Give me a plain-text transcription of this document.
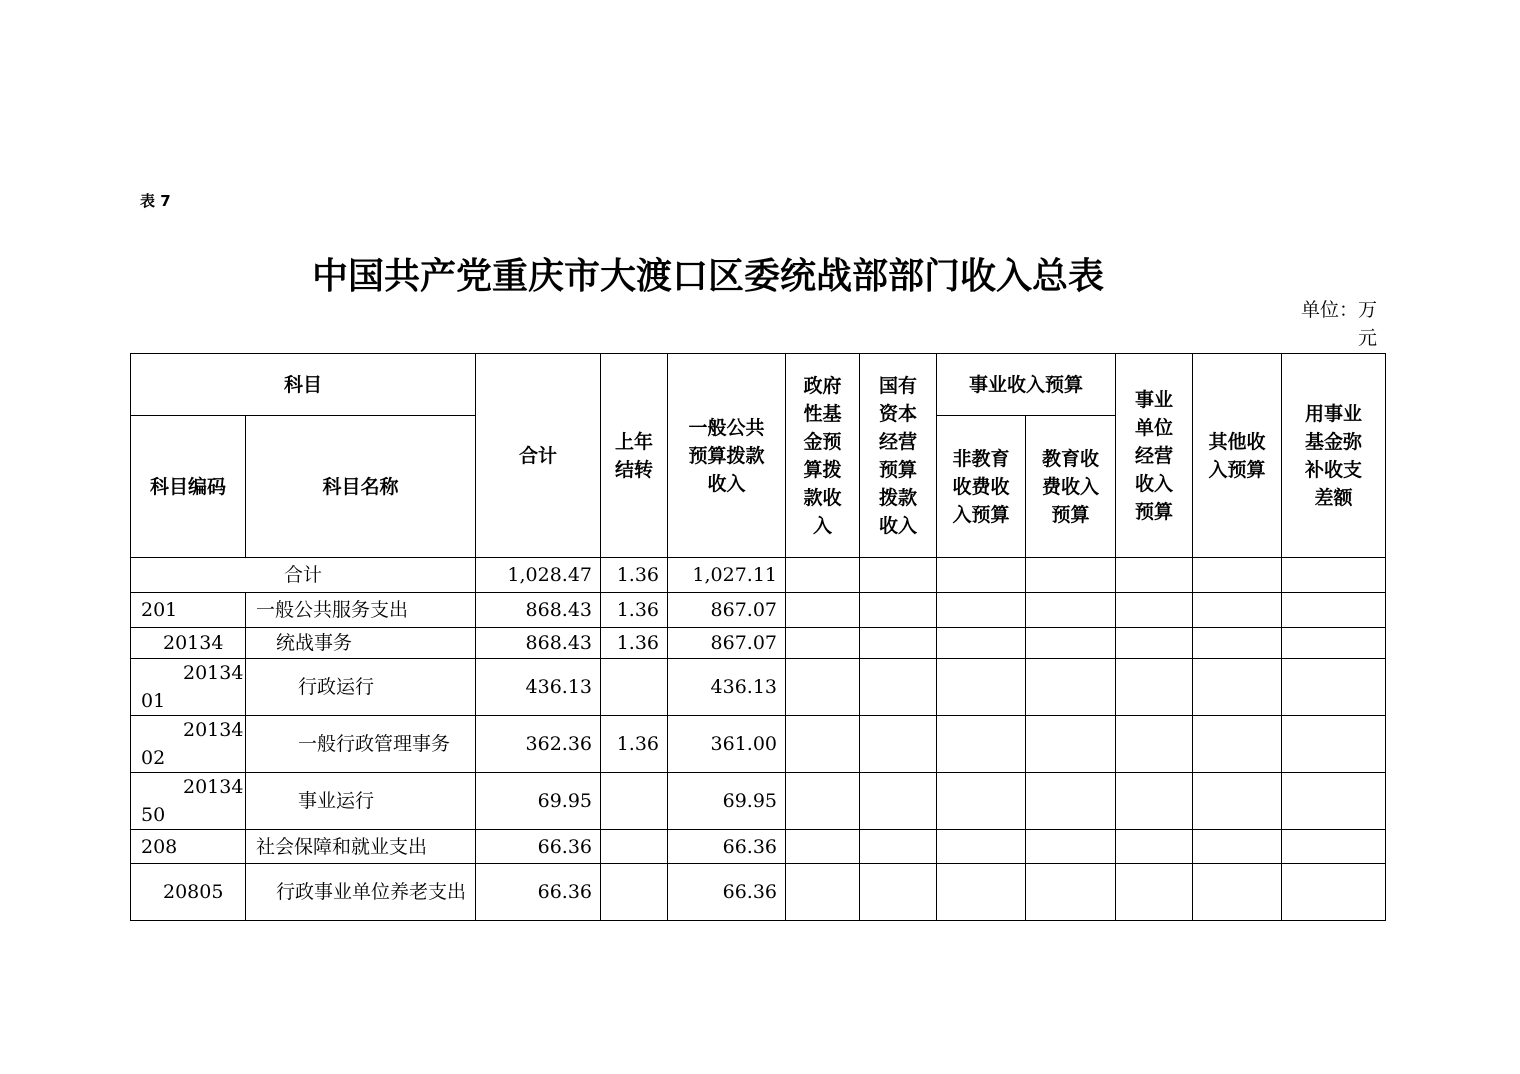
表 7
中国共产党重庆市大渡口区委统战部部门收入总表
单位：万元
科目		合计	上年结转	一般公共预算拨款收入	政府性基金预算拨款收入	国有资本经营预算拨款收入	事业收入预算		事业单位经营收入预算	其他收入预算	用事业基金弥补收支差额

科目编码	科目名称						非教育收费收入预算	教育收费收入预算			

合计		1,028.47	1.36	1,027.11							
201	一般公共服务支出	868.43	1.36	867.07							
20134	统战事务	868.43	1.36	867.07							
2013401	行政运行	436.13		436.13							
2013402	一般行政管理事务	362.36	1.36	361.00							
2013450	事业运行	69.95		69.95							
208	社会保障和就业支出	66.36		66.36							
20805	行政事业单位养老支出	66.36		66.36							
